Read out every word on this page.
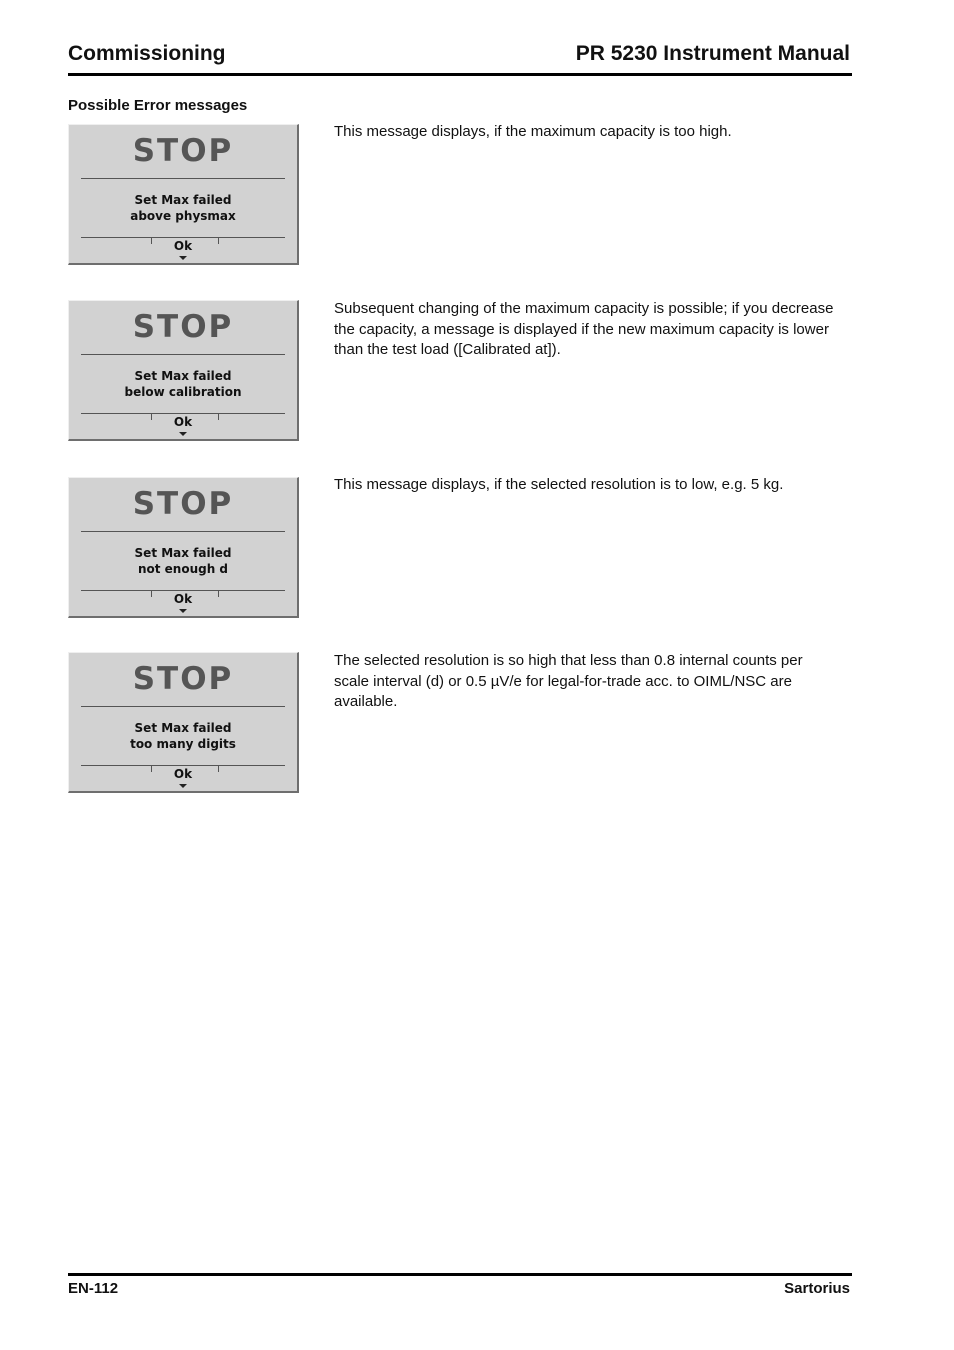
Commissioning	PR 5230 Instrument Manual
Possible Error messages
STOP
Set Max failed
above physmax
Ok
This message displays, if the maximum capacity is too high.
STOP
Set Max failed
below calibration
Ok
Subsequent changing of the maximum capacity is possible; if you decrease the capacity, a message is displayed if the new maximum capacity is lower than the test load ([Calibrated at]).
STOP
Set Max failed
not enough d
Ok
This message displays, if the selected resolution is to low, e.g. 5 kg.
STOP
Set Max failed
too many digits
Ok
The selected resolution is so high that less than 0.8 internal counts per scale interval (d) or 0.5 µV/e for legal-for-trade acc. to OIML/NSC are available.
EN-112	Sartorius
